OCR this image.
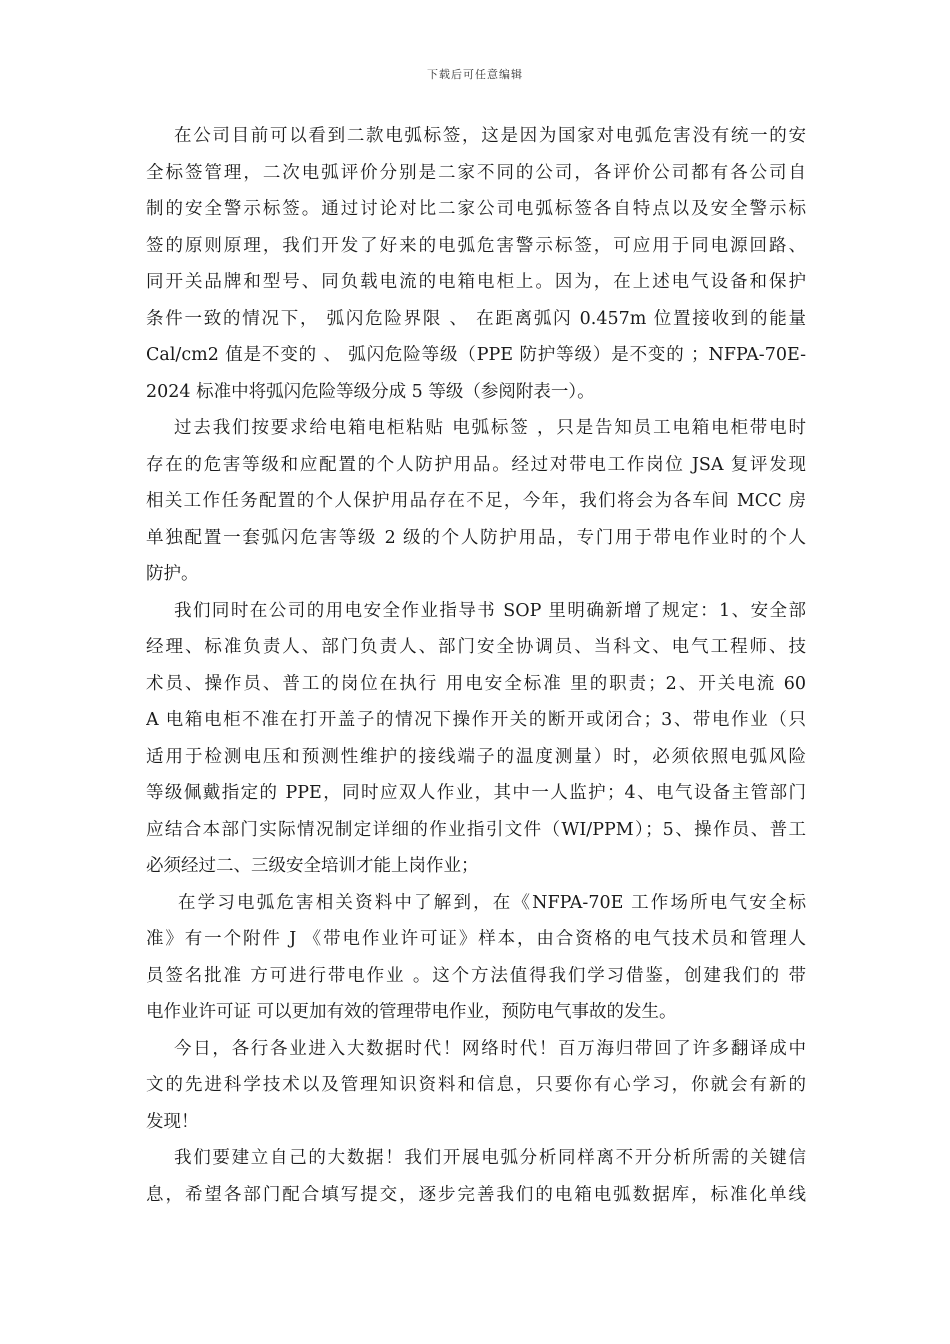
下载后可任意编辑
在公司目前可以看到二款电弧标签，这是因为国家对电弧危害没有统一的安
全标签管理，二次电弧评价分别是二家不同的公司，各评价公司都有各公司自
制的安全警示标签。通过讨论对比二家公司电弧标签各自特点以及安全警示标
签的原则原理，我们开发了好来的电弧危害警示标签，可应用于同电源回路、
同开关品牌和型号、同负载电流的电箱电柜上。因为，在上述电气设备和保护
条件一致的情况下， 弧闪危险界限 、 在距离弧闪 0.457m 位置接收到的能量
Cal/cm2 值是不变的 、 弧闪危险等级（PPE 防护等级）是不变的 ；NFPA-70E-
2024 标准中将弧闪危险等级分成 5 等级（参阅附表一）。
过去我们按要求给电箱电柜粘贴 电弧标签 ，只是告知员工电箱电柜带电时
存在的危害等级和应配置的个人防护用品。经过对带电工作岗位 JSA 复评发现
相关工作任务配置的个人保护用品存在不足，今年，我们将会为各车间 MCC 房
单独配置一套弧闪危害等级 2 级的个人防护用品，专门用于带电作业时的个人
防护。
我们同时在公司的用电安全作业指导书 SOP 里明确新增了规定：1、安全部
经理、标准负责人、部门负责人、部门安全协调员、当科文、电气工程师、技
术员、操作员、普工的岗位在执行 用电安全标准 里的职责；2、开关电流 60
A 电箱电柜不准在打开盖子的情况下操作开关的断开或闭合；3、带电作业（只
适用于检测电压和预测性维护的接线端子的温度测量）时，必须依照电弧风险
等级佩戴指定的 PPE，同时应双人作业，其中一人监护；4、电气设备主管部门
应结合本部门实际情况制定详细的作业指引文件（WI/PPM）；5、操作员、普工
必须经过二、三级安全培训才能上岗作业；
在学习电弧危害相关资料中了解到，在《NFPA-70E 工作场所电气安全标
准》有一个附件 J 《带电作业许可证》样本，由合资格的电气技术员和管理人
员签名批准 方可进行带电作业 。这个方法值得我们学习借鉴，创建我们的 带
电作业许可证 可以更加有效的管理带电作业，预防电气事故的发生。
今日，各行各业进入大数据时代！网络时代！百万海归带回了许多翻译成中
文的先进科学技术以及管理知识资料和信息，只要你有心学习，你就会有新的
发现！
我们要建立自己的大数据！我们开展电弧分析同样离不开分析所需的关键信
息，希望各部门配合填写提交，逐步完善我们的电箱电弧数据库，标准化单线
